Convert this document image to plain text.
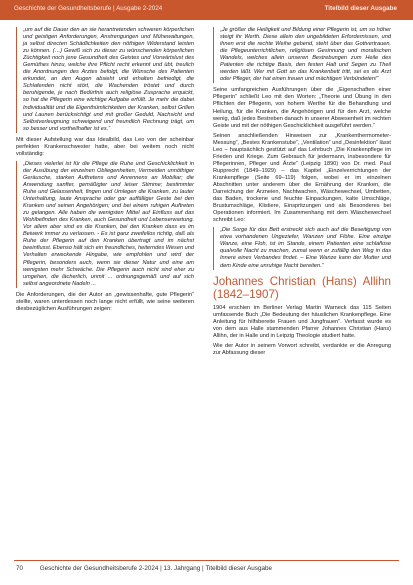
Geschichte der Gesundheitsberufe | Ausgabe 2-2024	Titelbild dieser Ausgabe
„um auf die Dauer den an sie herantretenden schweren körperlichen und geistigen Anforderungen, Anstrengungen und Mühewaltungen, ja selbst directen Schädlichkeiten den nöthigen Widerstand leisten zu können. (…) Gewiß sich zu dieser zu wünschenden körperlichen Züchtigkeit noch jene Gesundheit des Geistes und Vorwärtslust des Gemüthes hinzu, welche ihre Pflicht recht erkennt und übt, treulich die Anordnungen des Arztes befolgt, die Wünsche des Patienten erkundet, an den Augen absieht und erhalten befriedigt, die Schlafenden nicht stört, die Wachenden tröstet und durch beruhigende, je nach Bedürfnis auch religiöse Zusprache erquickt, so hat die Pflegerin eine wichtige Aufgabe erfüllt. Je mehr die dabei Individualität und die Eigenthümlichkeiten der Kranken, selbst Grillen und Launen berücksichtigt und mit großer Geduld, Nachsicht und Selbstverleugnung schweigend und freundlich Rechnung trägt, um so besser und vortheilhafter ist es.“
Mit dieser Aufstellung war das Idealbild, das Leo von der scheinbar perfekten Krankenschwester hatte, aber bei weitem noch nicht vollständig:
„Dieses vielerlei ist für die Pflege die Ruhe und Geschicklichkeit in der Ausübung der einzelnen Obliegenheiten, Vermeiden unnöthiger Geräusche, starken Auftretens und Anrennens an Mobiliar; die Anwendung sanfter, gemäßigter und leiser Stimme; bestimmter Ruhe und Gelassenheit, fingen und Umlegen die Kranken, zu lauter Unterhaltung, laute Ansprache oder gar auffälliger Geste bei den Kranken und seinen Angehörigen; und bei einem ruhigen Auftreten zu gelangen. Alle haben die wenigsten Mittel auf Einfluss auf das Wohlbefinden des Kranken, auch Gesundheit und Lebenserwartung. Vor allem aber sind es die Kranken, bei den Kranken dass es im Beiwerk immer zu verlassen. - Es ist ganz zweifellos richtig, daß als Ruhe der Pflegerin auf den Kranken übertragt und im nächst beeinflusst. Ebenso hält sich ein freundliches, heiterndes Wesen und Verhalten erweckende Hingabe, wie empfohlen und wird der Pflegerin, besonders auch, wenn sie dieser Natur und eine am wenigsten mehr Schwäche. Die Pflegerin auch nicht sind eher zu umgehen, die lächerlich, unmit ... ordnungsgemäß und auf sich selbst angeordnete Nadeln ...
Die Anforderungen, die der Autor an „gewissenhafte, gute Pflegerin“ stellte, waren unterdessen noch lange nicht erfüllt, wie seine weiteren diesbezüglichen Ausführungen zeigen:
„Je größer die Heiligkeit und Bildung einer Pflegerin ist, um so höher steigt ihr Werth. Diese allein den ungebildeten Erfordernissen, und ihnen erst die rechte Weihe gebend, steht über das Gottvertrauen, die Pflegeunterrichtlichen, religiösen Gesinnung und moralischen Wandels, welches allein unseren Bestrebungen zum Heile des Patienten die richtige Basis, den festen Halt und Segen zu Theil werden läßt. Wer mit Gott an das Krankenbett tritt, sei es als Arzt oder Pfleger, der hat einen treuen und mächtigen Verbündeten!“
Seine umfangreichen Ausführungen über die „Eigenschaften einer Pflegerin“ schließt Leo mit den Worten: „Theorie und Übung in den Pflichten der Pflegerin, von hohem Werthe für die Behandlung und Heilung, für die Kranken, die Angehörigen und für den Arzt, welche wenig, daß jedes Bestreben danach in unserer Abwesenheit im rechten Geiste und mit der nöthigen Geschicklichkeit ausgeführt werden.“
Seinen anschließenden Hinweisen zur „Krankenthermometer-Messung“, „Bestes Krankenstube“, „Ventilation“ und „Desinfektion“ lässt Leo – hauptsächlich gestützt auf das Lehrbuch „Die Krankenpflege im Frieden und Kriege. Zum Gebrauch für jedermann, insbesondere für Pflegerinnen, Pfleger und Ärzte“ (Leipzig 1890) von Dr. med. Paul Rupprecht (1849–1929) – das Kapitel „Einzelverrichtungen der Krankenpflege (Seite 69–119) folgen, wobei er im einzelnen Abschnitten unter anderem über die Ernährung der Kranken, die Darreichung der Arzneien, Nachtwachen, Wäschewechsel, Umbetten, das Baden, trockene und feuchte Einpackungen, kalte Umschläge, Brustumschläge, Klistiere, Einspritzungen und als Besonderes bei Operationen informiert. Im Zusammenhang mit dem Wäschewechsel schreibt Leo:
„Die Sorge für das Bett erstreckt sich auch auf die Beseitigung von etwa vorhandenen Ungeziefer, Wanzen und Flöhe. Eine einzige Wanze, eine Floh, ist im Stande, einem Patienten eine schlaflose qualvolle Nacht zu machen, zumal wenn er zufällig den Weg in das Innere eines Verbandes findet. – Eine Wanze kann der Mutter und dem Kinde eine unruhige Nacht bereiten.“
Johannes Christian (Hans) Allihn (1842–1907)
1904 erschien im Berliner Verlag Martin Warneck das 115 Seiten umfassende Buch „Die Bedeutung der häuslichen Krankenpflege. Eine Anleitung für hilfsbereite Frauen und Jungfrauen“. Verfasst wurde es von dem aus Halle stammenden Pfarrer Johannes Christian (Hans) Allihn, der in Halle und in Leipzig Theologie studiert hatte.
Wie der Autor in seinem Vorwort schreibt, verdankte er die Anregung zur Abfassung dieser
70	Geschichte der Gesundheitsberufe 2-2024 | 13. Jahrgang | Titelbild dieser Ausgabe
